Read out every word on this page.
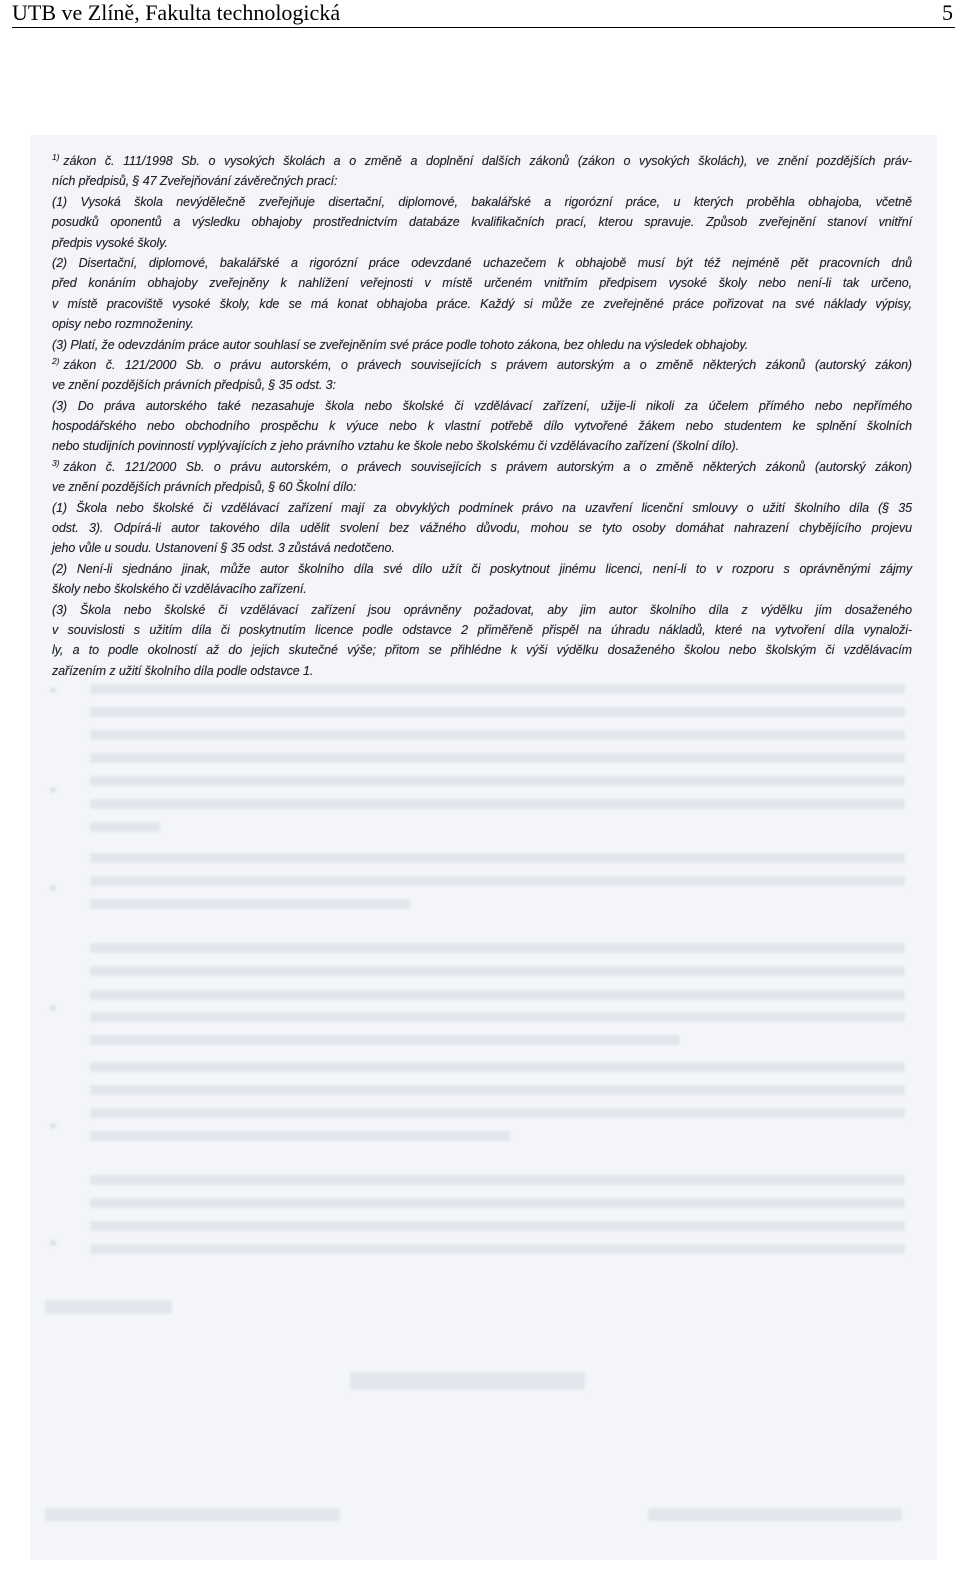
UTB ve Zlíně, Fakulta technologická	5
$^{1)}$ zákon č. 111/1998 Sb. o vysokých školách a o změně a doplnění dalších zákonů (zákon o vysokých školách), ve znění pozdějších práv-
ních předpisů, § 47 Zveřejňování závěrečných prací:
(1) Vysoká škola nevýdělečně zveřejňuje disertační, diplomové, bakalářské a rigorózní práce, u kterých proběhla obhajoba, včetně
posudků oponentů a výsledku obhajoby prostřednictvím databáze kvalifikačních prací, kterou spravuje. Způsob zveřejnění stanoví vnitřní
předpis vysoké školy.
(2) Disertační, diplomové, bakalářské a rigorózní práce odevzdané uchazečem k obhajobě musí být též nejméně pět pracovních dnů
před konáním obhajoby zveřejněny k nahlížení veřejnosti v místě určeném vnitřním předpisem vysoké školy nebo není-li tak určeno,
v místě pracoviště vysoké školy, kde se má konat obhajoba práce. Každý si může ze zveřejněné práce pořizovat na své náklady výpisy,
opisy nebo rozmnoženiny.
(3) Platí, že odevzdáním práce autor souhlasí se zveřejněním své práce podle tohoto zákona, bez ohledu na výsledek obhajoby.
$^{2)}$ zákon č. 121/2000 Sb. o právu autorském, o právech souvisejících s právem autorským a o změně některých zákonů (autorský zákon)
ve znění pozdějších právních předpisů, § 35 odst. 3:
(3) Do práva autorského také nezasahuje škola nebo školské či vzdělávací zařízení, užije-li nikoli za účelem přímého nebo nepřímého
hospodářského nebo obchodního prospěchu k výuce nebo k vlastní potřebě dílo vytvořené žákem nebo studentem ke splnění školních
nebo studijních povinností vyplývajících z jeho právního vztahu ke škole nebo školskému či vzdělávacího zařízení (školní dílo).
$^{3)}$ zákon č. 121/2000 Sb. o právu autorském, o právech souvisejících s právem autorským a o změně některých zákonů (autorský zákon)
ve znění pozdějších právních předpisů, § 60 Školní dílo:
(1) Škola nebo školské či vzdělávací zařízení mají za obvyklých podmínek právo na uzavření licenční smlouvy o užití školního díla (§ 35
odst. 3). Odpírá-li autor takového díla udělit svolení bez vážného důvodu, mohou se tyto osoby domáhat nahrazení chybějícího projevu
jeho vůle u soudu. Ustanovení § 35 odst. 3 zůstává nedotčeno.
(2) Není-li sjednáno jinak, může autor školního díla své dílo užít či poskytnout jinému licenci, není-li to v rozporu s oprávněnými zájmy
školy nebo školského či vzdělávacího zařízení.
(3) Škola nebo školské či vzdělávací zařízení jsou oprávněny požadovat, aby jim autor školního díla z výdělku jím dosaženého
v souvislosti s užitím díla či poskytnutím licence podle odstavce 2 přiměřeně přispěl na úhradu nákladů, které na vytvoření díla vynaloži-
ly, a to podle okolností až do jejich skutečné výše; přitom se přihlédne k výši výdělku dosaženého školou nebo školským či vzdělávacím
zařízením z užití školního díla podle odstavce 1.
